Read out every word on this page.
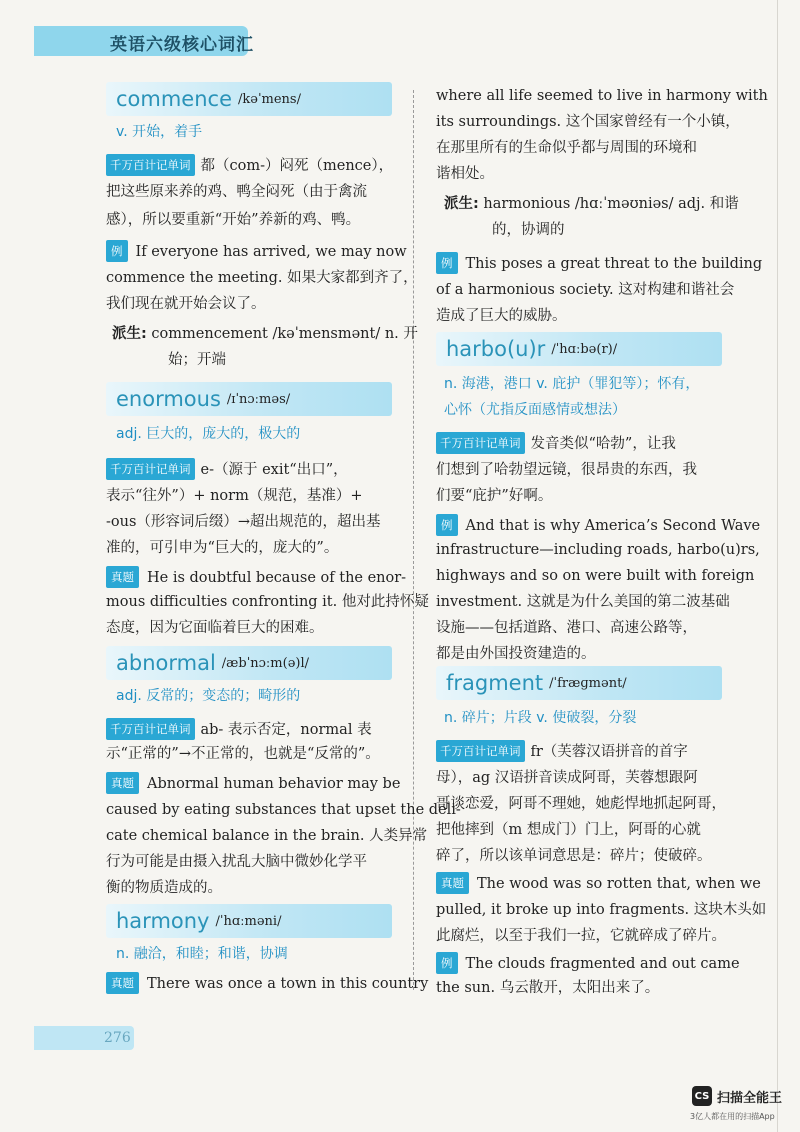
英语六级核心词汇
commence /kəˈmens/
v. 开始，着手
千万百计记单词 都（com-）闷死（mence），
把这些原来养的鸡、鸭全闷死（由于禽流
感），所以要重新“开始”养新的鸡、鸭。
例 If everyone has arrived, we may now
commence the meeting. 如果大家都到齐了，
我们现在就开始会议了。
派生: commencement /kəˈmensmənt/ n. 开
始；开端
enormous /ɪˈnɔːməs/
adj. 巨大的，庞大的，极大的
千万百计记单词 e-（源于 exit“出口”，
表示“往外”）+ norm（规范，基准）+
-ous（形容词后缀）→超出规范的，超出基
准的，可引申为“巨大的，庞大的”。
真题 He is doubtful because of the enor-
mous difficulties confronting it. 他对此持怀疑
态度，因为它面临着巨大的困难。
abnormal /æbˈnɔːm(ə)l/
adj. 反常的；变态的；畸形的
千万百计记单词 ab- 表示否定，normal 表
示“正常的”→不正常的，也就是“反常的”。
真题 Abnormal human behavior may be
caused by eating substances that upset the deli-
cate chemical balance in the brain. 人类异常
行为可能是由摄入扰乱大脑中微妙化学平
衡的物质造成的。
harmony /ˈhɑːməni/
n. 融洽，和睦；和谐，协调
真题 There was once a town in this country
where all life seemed to live in harmony with
its surroundings. 这个国家曾经有一个小镇，
在那里所有的生命似乎都与周围的环境和
谐相处。
派生: harmonious /hɑːˈməʊniəs/ adj. 和谐
的，协调的
例 This poses a great threat to the building
of a harmonious society. 这对构建和谐社会
造成了巨大的威胁。
harbo(u)r /ˈhɑːbə(r)/
n. 海港，港口 v. 庇护（罪犯等）；怀有，
心怀（尤指反面感情或想法）
千万百计记单词 发音类似“哈勃”，让我
们想到了哈勃望远镜，很昂贵的东西，我
们要“庇护”好啊。
例 And that is why America’s Second Wave
infrastructure—including roads, harbo(u)rs,
highways and so on were built with foreign
investment. 这就是为什么美国的第二波基础
设施——包括道路、港口、高速公路等，
都是由外国投资建造的。
fragment /ˈfræɡmənt/
n. 碎片；片段 v. 使破裂，分裂
千万百计记单词 fr（芙蓉汉语拼音的首字
母），ag 汉语拼音读成阿哥，芙蓉想跟阿
哥谈恋爱，阿哥不理她，她彪悍地抓起阿哥，
把他摔到（m 想成门）门上，阿哥的心就
碎了，所以该单词意思是：碎片；使破碎。
真题 The wood was so rotten that, when we
pulled, it broke up into fragments. 这块木头如
此腐烂，以至于我们一拉，它就碎成了碎片。
例 The clouds fragmented and out came
the sun. 乌云散开，太阳出来了。
276
CS 扫描全能王
3亿人都在用的扫描App
